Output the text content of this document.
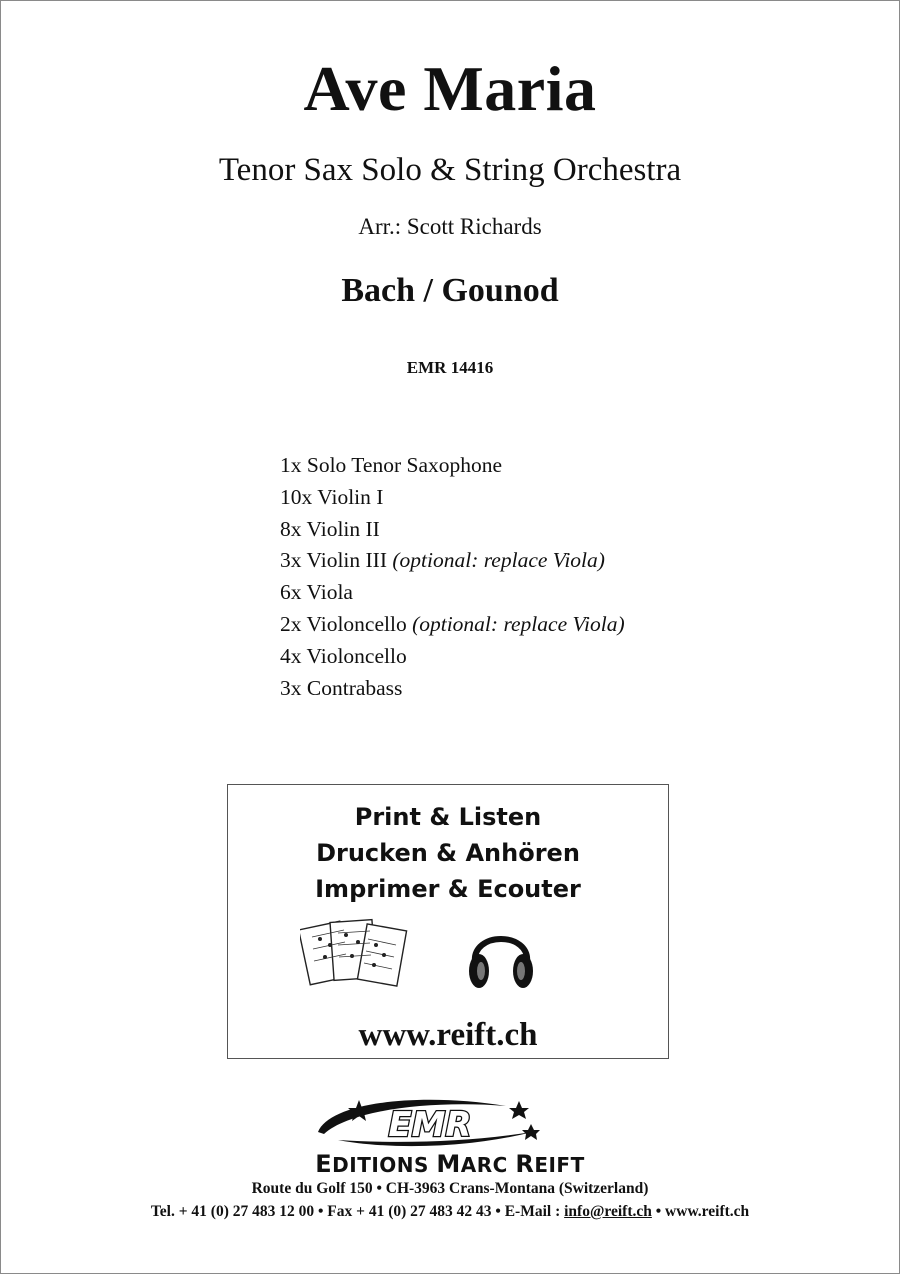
Ave Maria
Tenor Sax Solo & String Orchestra
Arr.: Scott Richards
Bach / Gounod
EMR 14416
1x Solo Tenor Saxophone
10x Violin I
8x Violin II
3x Violin III (optional: replace Viola)
6x Viola
2x Violoncello (optional: replace Viola)
4x Violoncello
3x Contrabass
Print & Listen
Drucken & Anhören
Imprimer & Ecouter
www.reift.ch
EMR
EDITIONS MARC REIFT
Route du Golf 150 • CH-3963 Crans-Montana (Switzerland)
Tel. + 41 (0) 27 483 12 00 • Fax + 41 (0) 27 483 42 43 • E-Mail : info@reift.ch • www.reift.ch
